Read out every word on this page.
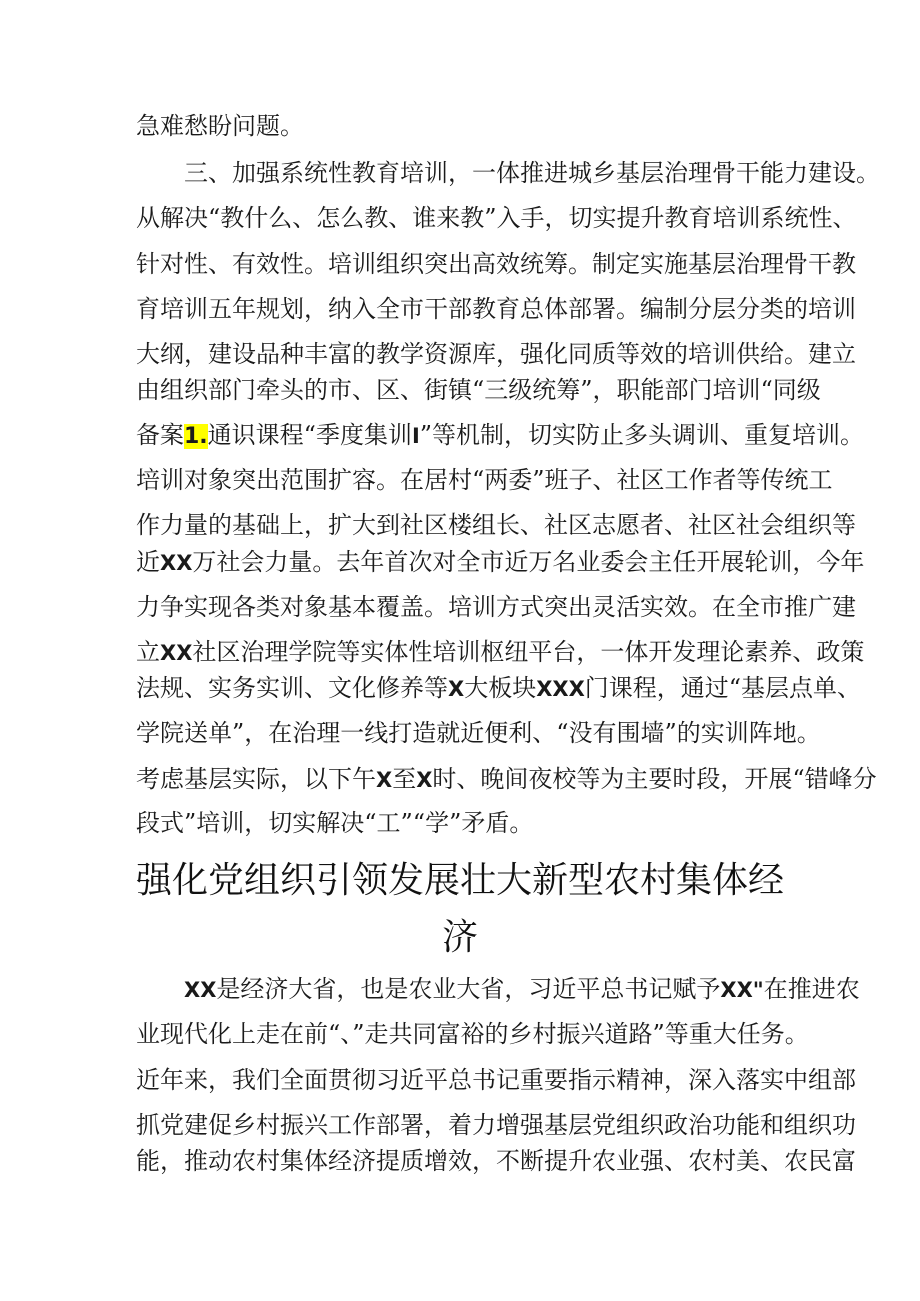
急难愁盼问题。
三、加强系统性教育培训，一体推进城乡基层治理骨干能力建设。
从解决“教什么、怎么教、谁来教”入手，切实提升教育培训系统性、
针对性、有效性。培训组织突出高效统筹。制定实施基层治理骨干教
育培训五年规划，纳入全市干部教育总体部署。编制分层分类的培训
大纲，建设品种丰富的教学资源库，强化同质等效的培训供给。建立
由组织部门牵头的市、区、街镇“三级统筹”，职能部门培训“同级
备案1.通识课程“季度集训I”等机制，切实防止多头调训、重复培训。
培训对象突出范围扩容。在居村“两委”班子、社区工作者等传统工
作力量的基础上，扩大到社区楼组长、社区志愿者、社区社会组织等
近XX万社会力量。去年首次对全市近万名业委会主任开展轮训，今年
力争实现各类对象基本覆盖。培训方式突出灵活实效。在全市推广建
立XX社区治理学院等实体性培训枢纽平台，一体开发理论素养、政策
法规、实务实训、文化修养等X大板块XXX门课程，通过“基层点单、
学院送单”，在治理一线打造就近便利、“没有围墙”的实训阵地。
考虑基层实际，以下午X至X时、晚间夜校等为主要时段，开展“错峰分
段式”培训，切实解决“工”“学”矛盾。
强化党组织引领发展壮大新型农村集体经
济
XX是经济大省，也是农业大省，习近平总书记赋予XX"在推进农
业现代化上走在前“、”走共同富裕的乡村振兴道路”等重大任务。
近年来，我们全面贯彻习近平总书记重要指示精神，深入落实中组部
抓党建促乡村振兴工作部署，着力增强基层党组织政治功能和组织功
能，推动农村集体经济提质增效，不断提升农业强、农村美、农民富
